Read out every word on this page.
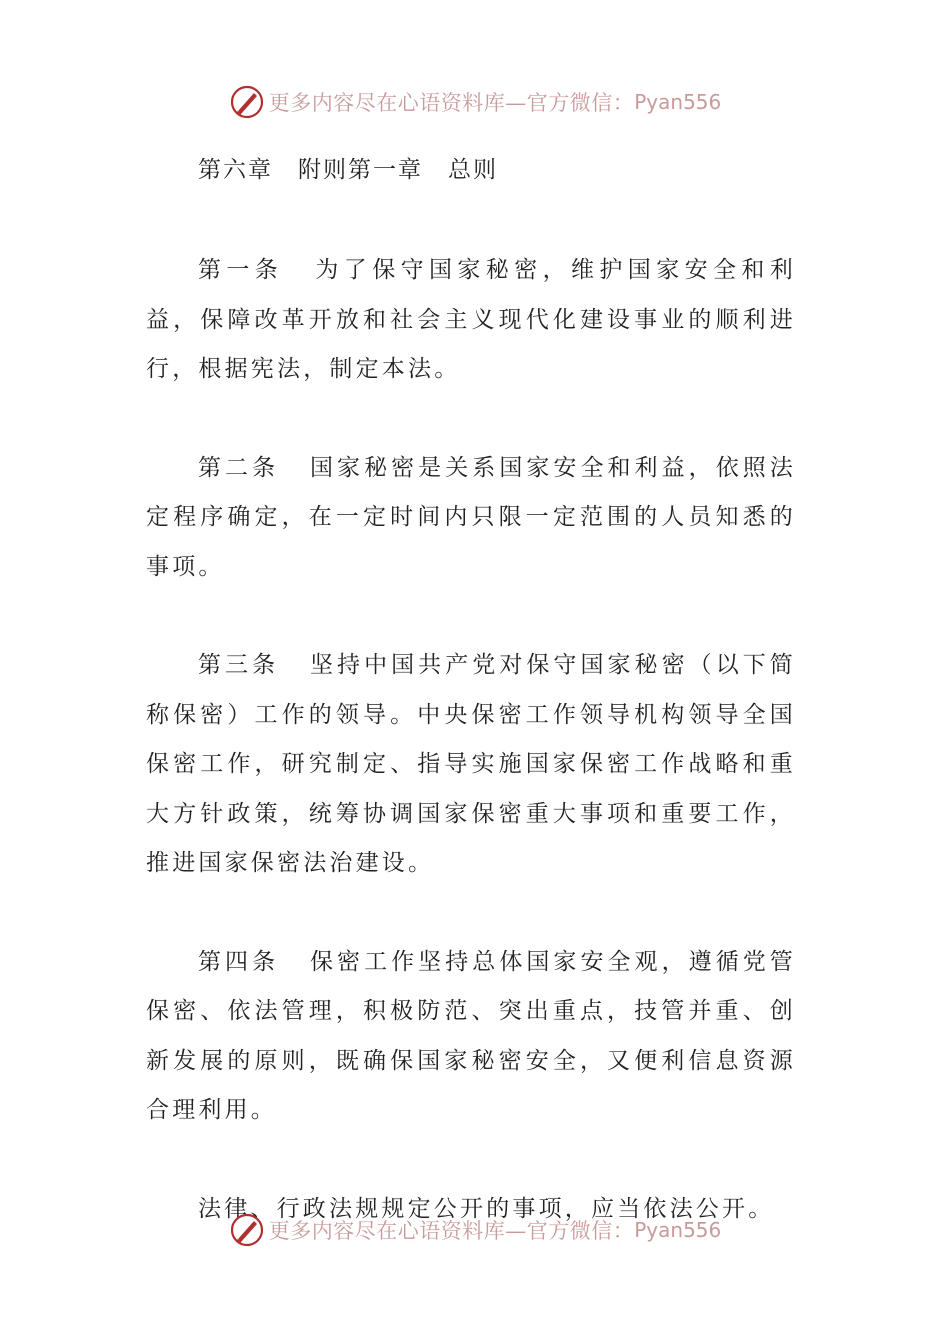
更多内容尽在心语资料库—官方微信： Pyan556
第六章　附则第一章　总则

第一条 为了保守国家秘密，维护国家安全和利益，保障改革开放和社会主义现代化建设事业的顺利进行，根据宪法，制定本法。

第二条 国家秘密是关系国家安全和利益，依照法定程序确定，在一定时间内只限一定范围的人员知悉的事项。

第三条 坚持中国共产党对保守国家秘密（以下简称保密）工作的领导。中央保密工作领导机构领导全国保密工作，研究制定、指导实施国家保密工作战略和重大方针政策，统筹协调国家保密重大事项和重要工作，推进国家保密法治建设。

第四条 保密工作坚持总体国家安全观，遵循党管保密、依法管理，积极防范、突出重点，技管并重、创新发展的原则，既确保国家秘密安全，又便利信息资源合理利用。

法律、行政法规规定公开的事项，应当依法公开。

更多内容尽在心语资料库—官方微信： Pyan556
